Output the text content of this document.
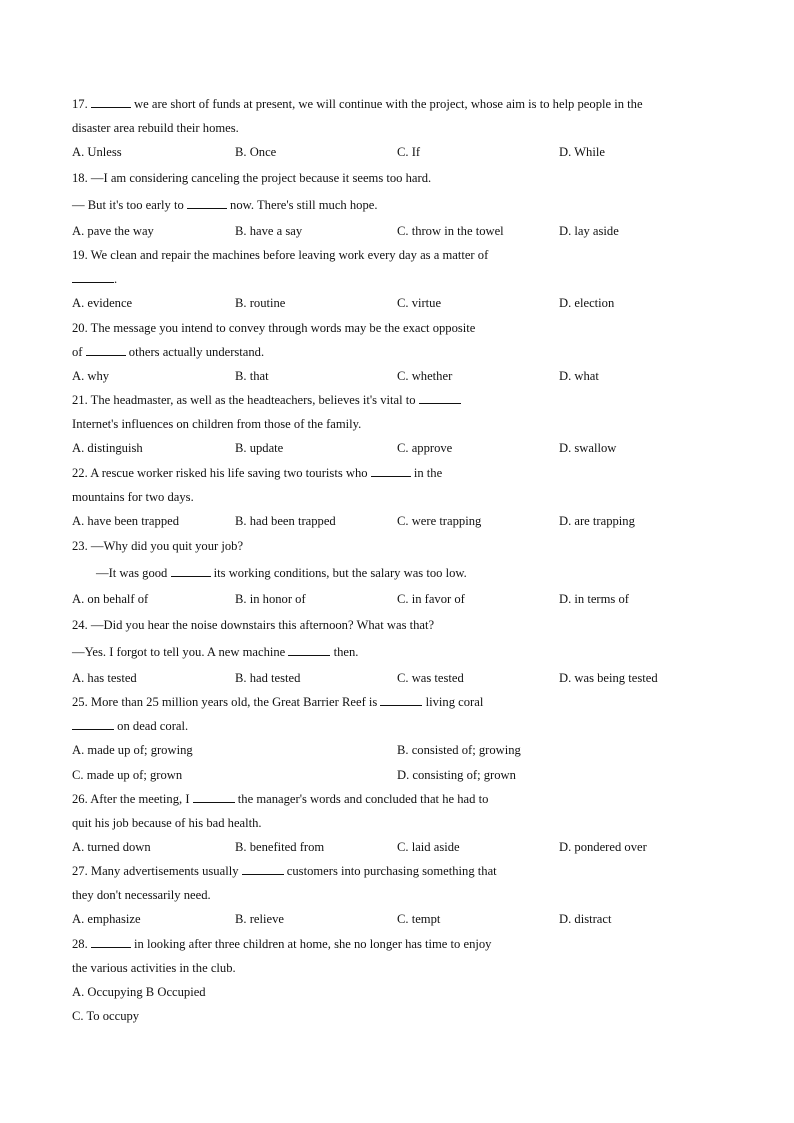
17.	we are short of funds at present, we will continue with the project, whose aim is to help people in the
disaster area rebuild their homes.
A. Unless	B. Once	C. If	D. While
18. —I am considering canceling the project because it seems too hard.
— But it's too early to	now. There's still much hope.
A. pave the way	B. have a say	C. throw in the towel	D. lay aside
19. We clean and repair the machines before leaving work every day as a matter of
.
A. evidence	B. routine	C. virtue	D. election
20. The message you intend to convey through words may be the exact opposite
of	others actually understand.
A. why	B. that	C. whether	D. what
21. The headmaster, as well as the headteachers, believes it's vital to
Internet's influences on children from those of the family.
A. distinguish	B. update	C. approve	D. swallow
22. A rescue worker risked his life saving two tourists who	in the
mountains for two days.
A. have been trapped	B. had been trapped	C. were trapping	D. are trapping
23. —Why did you quit your job?
—It was good	its working conditions, but the salary was too low.
A. on behalf of	B. in honor of	C. in favor of	D. in terms of
24. —Did you hear the noise downstairs this afternoon? What was that?
—Yes. I forgot to tell you. A new machine	then.
A. has tested	B. had tested	C. was tested	D. was being tested
25. More than 25 million years old, the Great Barrier Reef is	living coral
on dead coral.
A. made up of; growing	B. consisted of; growing
C. made up of; grown	D. consisting of; grown
26. After the meeting, I	the manager's words and concluded that he had to
quit his job because of his bad health.
A. turned down	B. benefited from	C. laid aside	D. pondered over
27. Many advertisements usually	customers into purchasing something that
they don't necessarily need.
A. emphasize	B. relieve	C. tempt	D. distract
28.	in looking after three children at home, she no longer has time to enjoy
the various activities in the club.
A. Occupying B Occupied
C. To occupy
